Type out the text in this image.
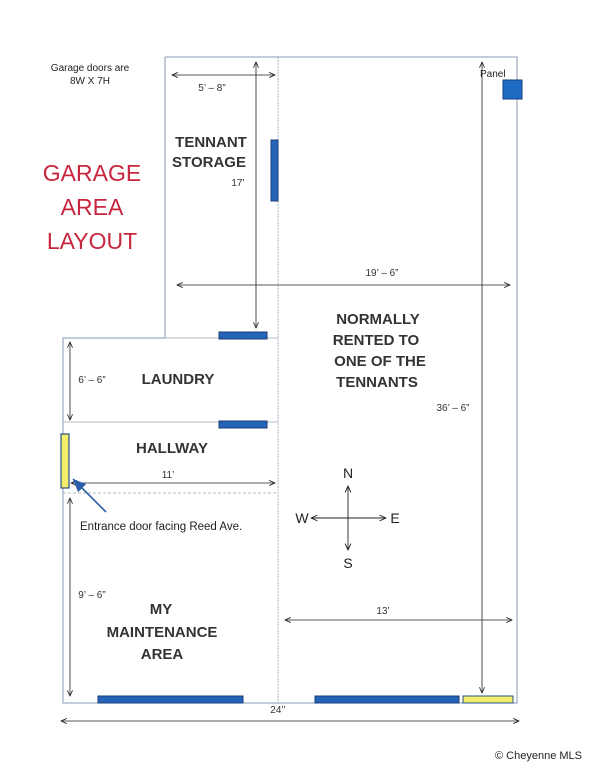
Garage doors are
8W X 7H
GARAGE
AREA
LAYOUT
Panel
5’ – 8”
17’
19’ – 6”
36’ – 6”
6’ – 6”
11’
9’ – 6”
13’
24’’
Entrance door facing Reed Ave.
TENNANT
STORAGE
NORMALLY
RENTED TO
ONE OF THE
TENNANTS
LAUNDRY
HALLWAY
MY
MAINTENANCE
AREA
N
S
W	E
© Cheyenne MLS
